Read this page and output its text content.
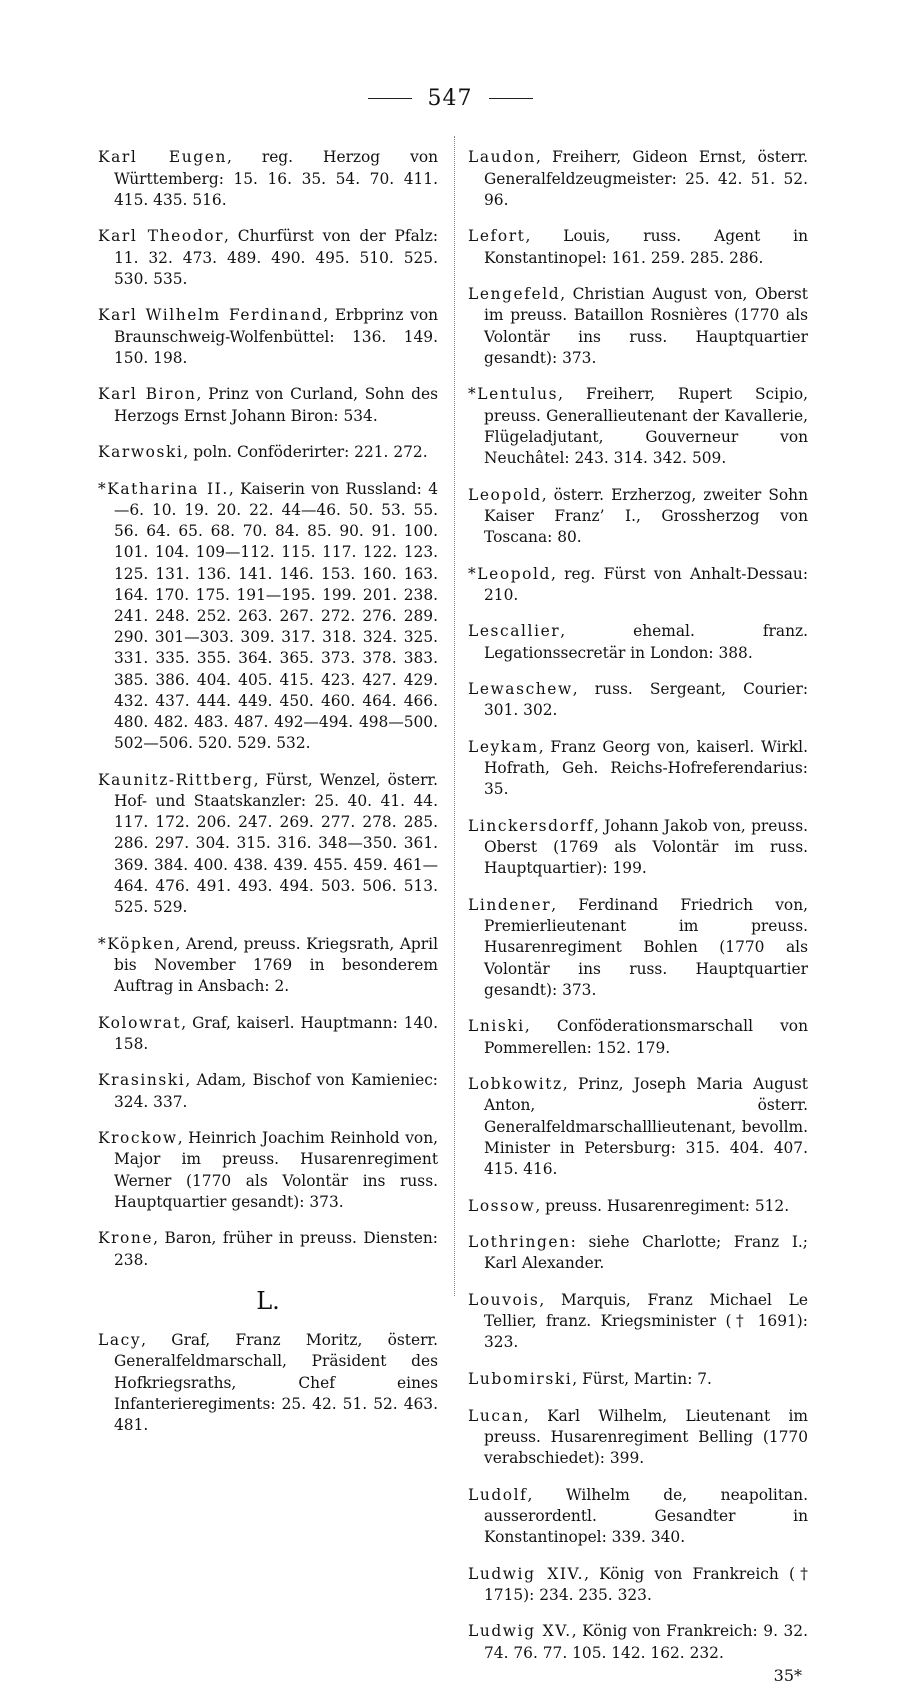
547

Karl Eugen, reg. Herzog von Württemberg: 15. 16. 35. 54. 70. 411. 415. 435. 516.

Karl Theodor, Churfürst von der Pfalz: 11. 32. 473. 489. 490. 495. 510. 525. 530. 535.

Karl Wilhelm Ferdinand, Erbprinz von Braunschweig-Wolfenbüttel: 136. 149. 150. 198.

Karl Biron, Prinz von Curland, Sohn des Herzogs Ernst Johann Biron: 534.

Karwoski, poln. Conföderirter: 221. 272.

*Katharina II., Kaiserin von Russland: 4—6. 10. 19. 20. 22. 44—46. 50. 53. 55. 56. 64. 65. 68. 70. 84. 85. 90. 91. 100. 101. 104. 109—112. 115. 117. 122. 123. 125. 131. 136. 141. 146. 153. 160. 163. 164. 170. 175. 191—195. 199. 201. 238. 241. 248. 252. 263. 267. 272. 276. 289. 290. 301—303. 309. 317. 318. 324. 325. 331. 335. 355. 364. 365. 373. 378. 383. 385. 386. 404. 405. 415. 423. 427. 429. 432. 437. 444. 449. 450. 460. 464. 466. 480. 482. 483. 487. 492—494. 498—500. 502—506. 520. 529. 532.

Kaunitz-Rittberg, Fürst, Wenzel, österr. Hof- und Staatskanzler: 25. 40. 41. 44. 117. 172. 206. 247. 269. 277. 278. 285. 286. 297. 304. 315. 316. 348—350. 361. 369. 384. 400. 438. 439. 455. 459. 461—464. 476. 491. 493. 494. 503. 506. 513. 525. 529.

*Köpken, Arend, preuss. Kriegsrath, April bis November 1769 in besonderem Auftrag in Ansbach: 2.

Kolowrat, Graf, kaiserl. Hauptmann: 140. 158.

Krasinski, Adam, Bischof von Kamieniec: 324. 337.

Krockow, Heinrich Joachim Reinhold von, Major im preuss. Husarenregiment Werner (1770 als Volontär ins russ. Hauptquartier gesandt): 373.

Krone, Baron, früher in preuss. Diensten: 238.

L.

Lacy, Graf, Franz Moritz, österr. Generalfeldmarschall, Präsident des Hofkriegsraths, Chef eines Infanterieregiments: 25. 42. 51. 52. 463. 481.

Laudon, Freiherr, Gideon Ernst, österr. Generalfeldzeugmeister: 25. 42. 51. 52. 96.

Lefort, Louis, russ. Agent in Konstantinopel: 161. 259. 285. 286.

Lengefeld, Christian August von, Oberst im preuss. Bataillon Rosnières (1770 als Volontär ins russ. Hauptquartier gesandt): 373.

*Lentulus, Freiherr, Rupert Scipio, preuss. Generallieutenant der Kavallerie, Flügeladjutant, Gouverneur von Neuchâtel: 243. 314. 342. 509.

Leopold, österr. Erzherzog, zweiter Sohn Kaiser Franz’ I., Grossherzog von Toscana: 80.

*Leopold, reg. Fürst von Anhalt-Dessau: 210.

Lescallier, ehemal. franz. Legationssecretär in London: 388.

Lewaschew, russ. Sergeant, Courier: 301. 302.

Leykam, Franz Georg von, kaiserl. Wirkl. Hofrath, Geh. Reichs-Hofreferendarius: 35.

Linckersdorff, Johann Jakob von, preuss. Oberst (1769 als Volontär im russ. Hauptquartier): 199.

Lindener, Ferdinand Friedrich von, Premierlieutenant im preuss. Husarenregiment Bohlen (1770 als Volontär ins russ. Hauptquartier gesandt): 373.

Lniski, Conföderationsmarschall von Pommerellen: 152. 179.

Lobkowitz, Prinz, Joseph Maria August Anton, österr. Generalfeldmarschalllieutenant, bevollm. Minister in Petersburg: 315. 404. 407. 415. 416.

Lossow, preuss. Husarenregiment: 512.

Lothringen: siehe Charlotte; Franz I.; Karl Alexander.

Louvois, Marquis, Franz Michael Le Tellier, franz. Kriegsminister († 1691): 323.

Lubomirski, Fürst, Martin: 7.

Lucan, Karl Wilhelm, Lieutenant im preuss. Husarenregiment Belling (1770 verabschiedet): 399.

Ludolf, Wilhelm de, neapolitan. ausserordentl. Gesandter in Konstantinopel: 339. 340.

Ludwig XIV., König von Frankreich († 1715): 234. 235. 323.

Ludwig XV., König von Frankreich: 9. 32. 74. 76. 77. 105. 142. 162. 232.

35*
